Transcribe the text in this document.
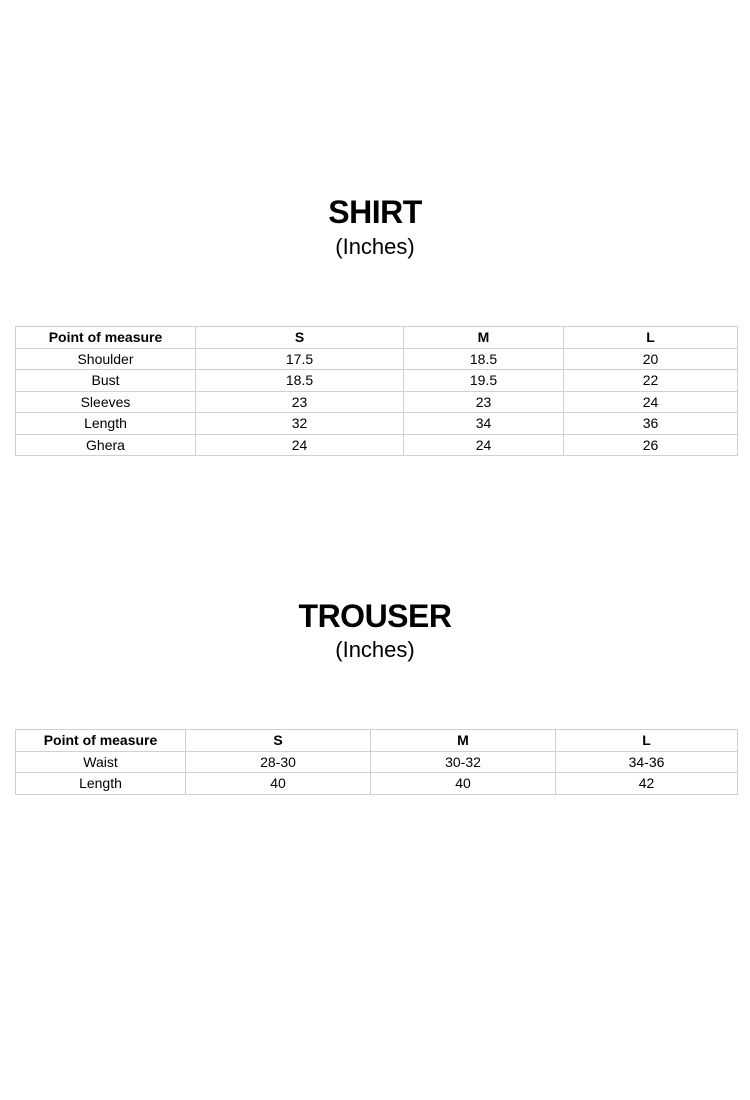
SHIRT
(Inches)
Point of measure	S	M	L
Shoulder	17.5	18.5	20
Bust	18.5	19.5	22
Sleeves	23	23	24
Length	32	34	36
Ghera	24	24	26
TROUSER
(Inches)
Point of measure	S	M	L
Waist	28-30	30-32	34-36
Length	40	40	42
